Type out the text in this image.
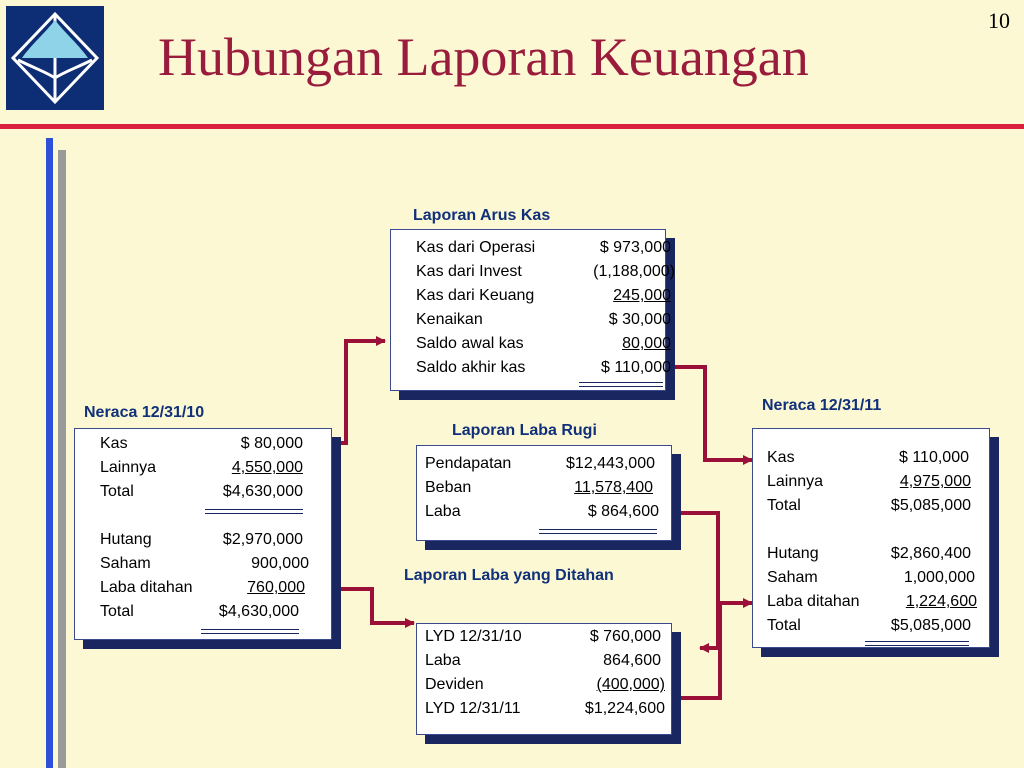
10
Hubungan Laporan Keuangan
Laporan Arus Kas
Kas dari Operasi	$ 973,000
Kas dari Invest	(1,188,000)
Kas dari Keuang	245,000
Kenaikan	$ 30,000
Saldo awal kas	80,000
Saldo akhir kas	$ 110,000
Neraca 12/31/10
Kas	$ 80,000
Lainnya	4,550,000
Total	$4,630,000
Hutang	$2,970,000
Saham	900,000
Laba ditahan	760,000
Total	$4,630,000
Laporan Laba Rugi
Pendapatan	$12,443,000
Beban	11,578,400
Laba	$ 864,600
Laporan Laba yang Ditahan
LYD 12/31/10	$ 760,000
Laba	864,600
Deviden	(400,000)
LYD 12/31/11	$1,224,600
Neraca 12/31/11
Kas	$ 110,000
Lainnya	4,975,000
Total	$5,085,000
Hutang	$2,860,400
Saham	1,000,000
Laba ditahan	1,224,600
Total	$5,085,000
